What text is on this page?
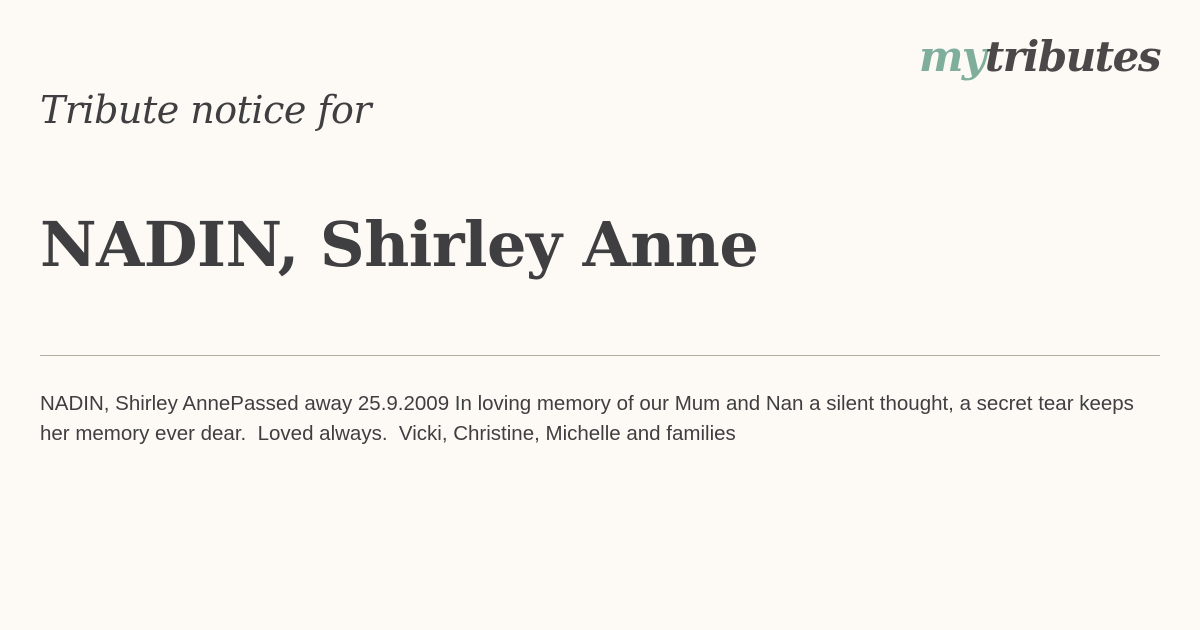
mytributes
Tribute notice for
NADIN, Shirley Anne

NADIN, Shirley AnnePassed away 25.9.2009 In loving memory of our Mum and Nan a silent thought, a secret tear keeps her memory ever dear.  Loved always.  Vicki, Christine, Michelle and families
